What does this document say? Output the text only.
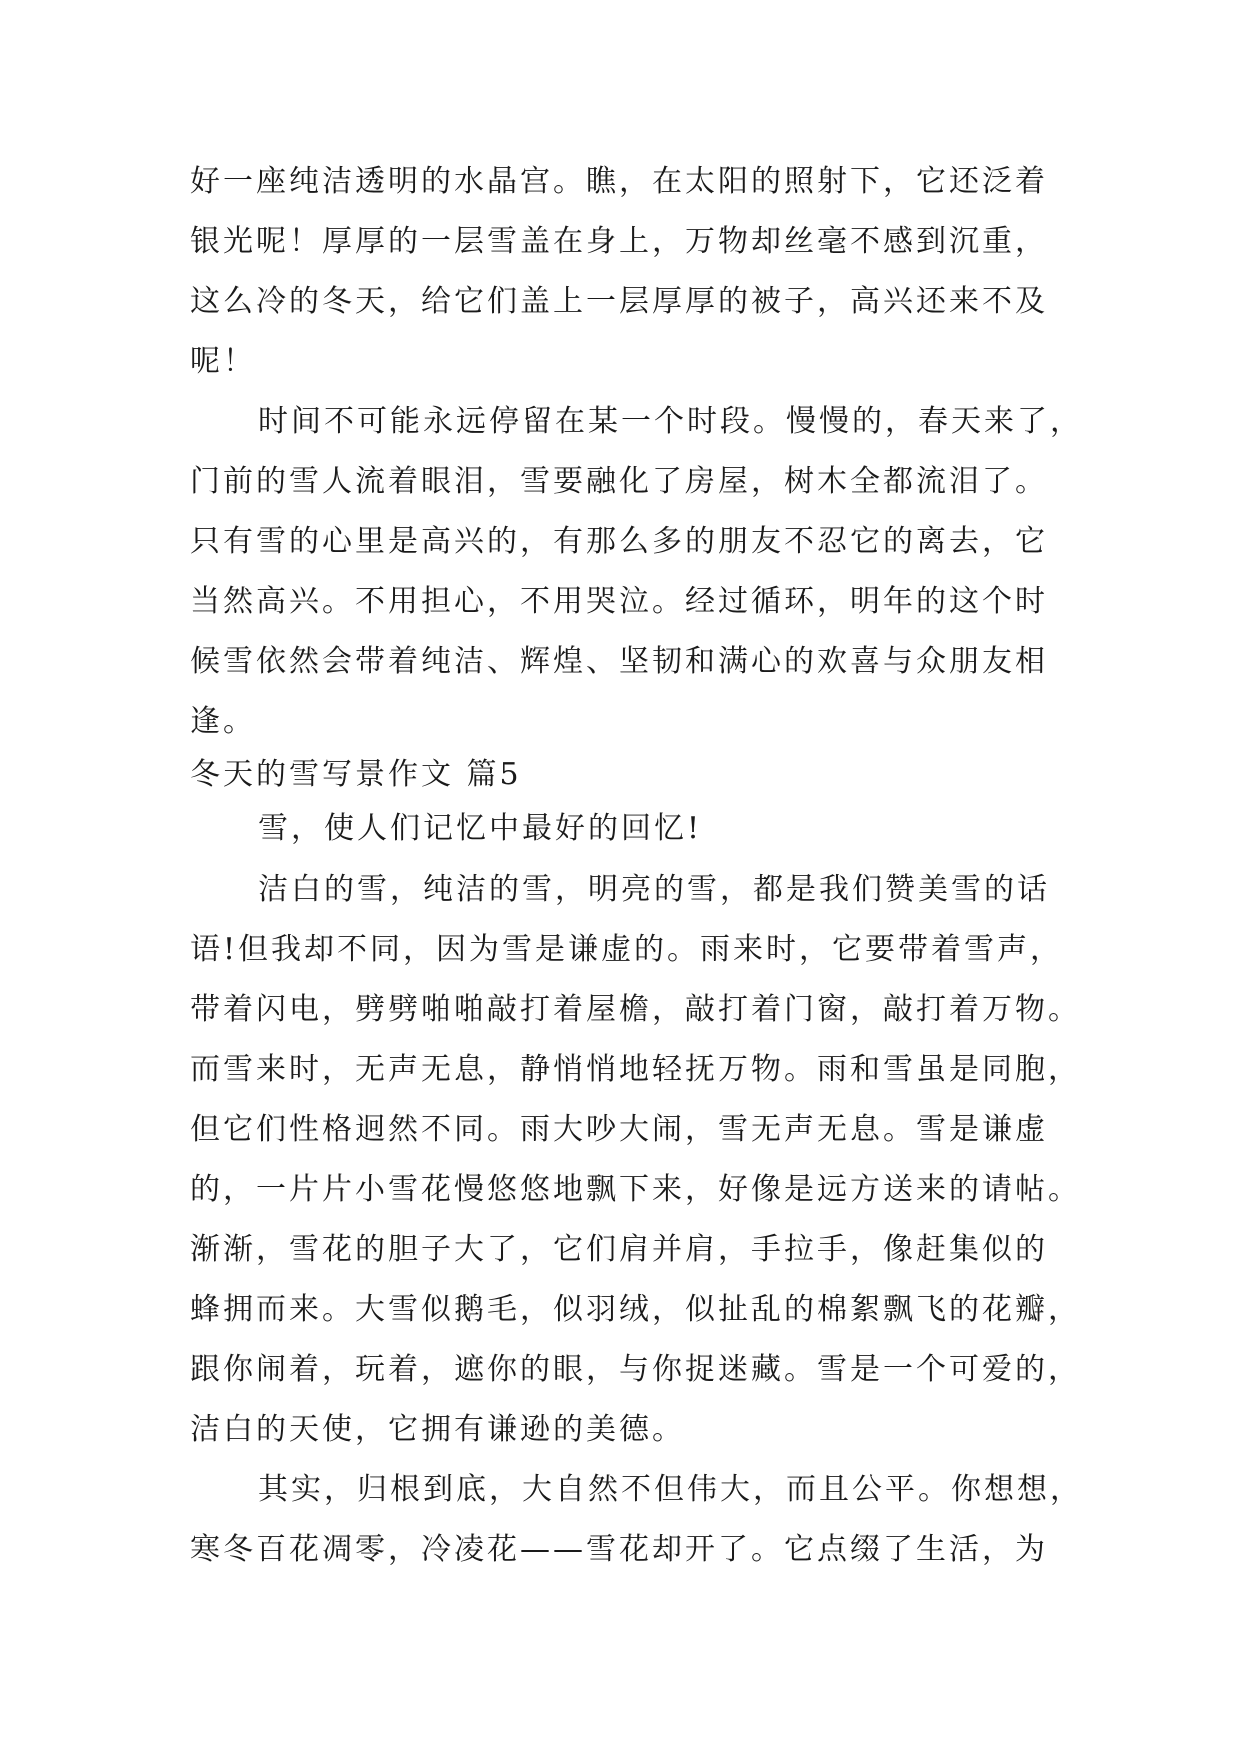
好一座纯洁透明的水晶宫。瞧，在太阳的照射下，它还泛着
银光呢！厚厚的一层雪盖在身上，万物却丝毫不感到沉重，
这么冷的冬天，给它们盖上一层厚厚的被子，高兴还来不及
呢！
时间不可能永远停留在某一个时段。慢慢的，春天来了，
门前的雪人流着眼泪，雪要融化了房屋，树木全都流泪了。
只有雪的心里是高兴的，有那么多的朋友不忍它的离去，它
当然高兴。不用担心，不用哭泣。经过循环，明年的这个时
候雪依然会带着纯洁、辉煌、坚韧和满心的欢喜与众朋友相
逢。
冬天的雪写景作文 篇5
雪，使人们记忆中最好的回忆!
洁白的雪，纯洁的雪，明亮的雪，都是我们赞美雪的话
语!但我却不同，因为雪是谦虚的。雨来时，它要带着雪声，
带着闪电，劈劈啪啪敲打着屋檐，敲打着门窗，敲打着万物。
而雪来时，无声无息，静悄悄地轻抚万物。雨和雪虽是同胞，
但它们性格迥然不同。雨大吵大闹，雪无声无息。雪是谦虚
的，一片片小雪花慢悠悠地飘下来，好像是远方送来的请帖。
渐渐，雪花的胆子大了，它们肩并肩，手拉手，像赶集似的
蜂拥而来。大雪似鹅毛，似羽绒，似扯乱的棉絮飘飞的花瓣，
跟你闹着，玩着，遮你的眼，与你捉迷藏。雪是一个可爱的，
洁白的天使，它拥有谦逊的美德。
其实，归根到底，大自然不但伟大，而且公平。你想想，
寒冬百花凋零，冷凌花——雪花却开了。它点缀了生活，为
